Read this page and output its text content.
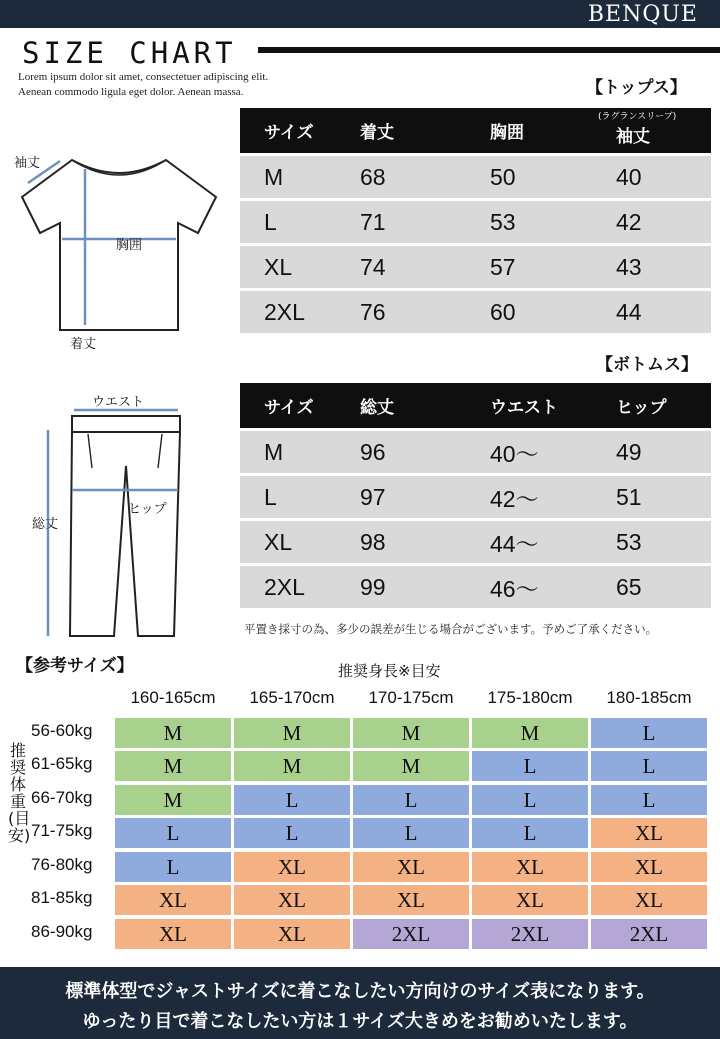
BENQUE
SIZE CHART
Lorem ipsum dolor sit amet, consectetuer adipiscing elit.
Aenean commodo ligula eget dolor. Aenean massa.	【トップス】
(ラグランスリーブ)
サイズ	着丈	胸囲	袖丈
M	68	50	40
L	71	53	42
XL	74	57	43
2XL	76	60	44
袖丈
胸囲
着丈
【ボトムス】
サイズ	総丈	ウエスト	ヒップ
M	96	40～	49
L	97	42～	51
XL	98	44～	53
2XL	99	46～	65
ウエスト
総丈
ヒップ
平置き採寸の為、多少の誤差が生じる場合がございます。予めご了承ください。
【参考サイズ】	推奨身長※目安
推奨体重(目安)
160-165cm	165-170cm	170-175cm	175-180cm	180-185cm
56-60kg	M	M	M	M	L
61-65kg	M	M	M	L	L
66-70kg	M	L	L	L	L
71-75kg	L	L	L	L	XL
76-80kg	L	XL	XL	XL	XL
81-85kg	XL	XL	XL	XL	XL
86-90kg	XL	XL	2XL	2XL	2XL
標準体型でジャストサイズに着こなしたい方向けのサイズ表になります。
ゆったり目で着こなしたい方は１サイズ大きめをお勧めいたします。
